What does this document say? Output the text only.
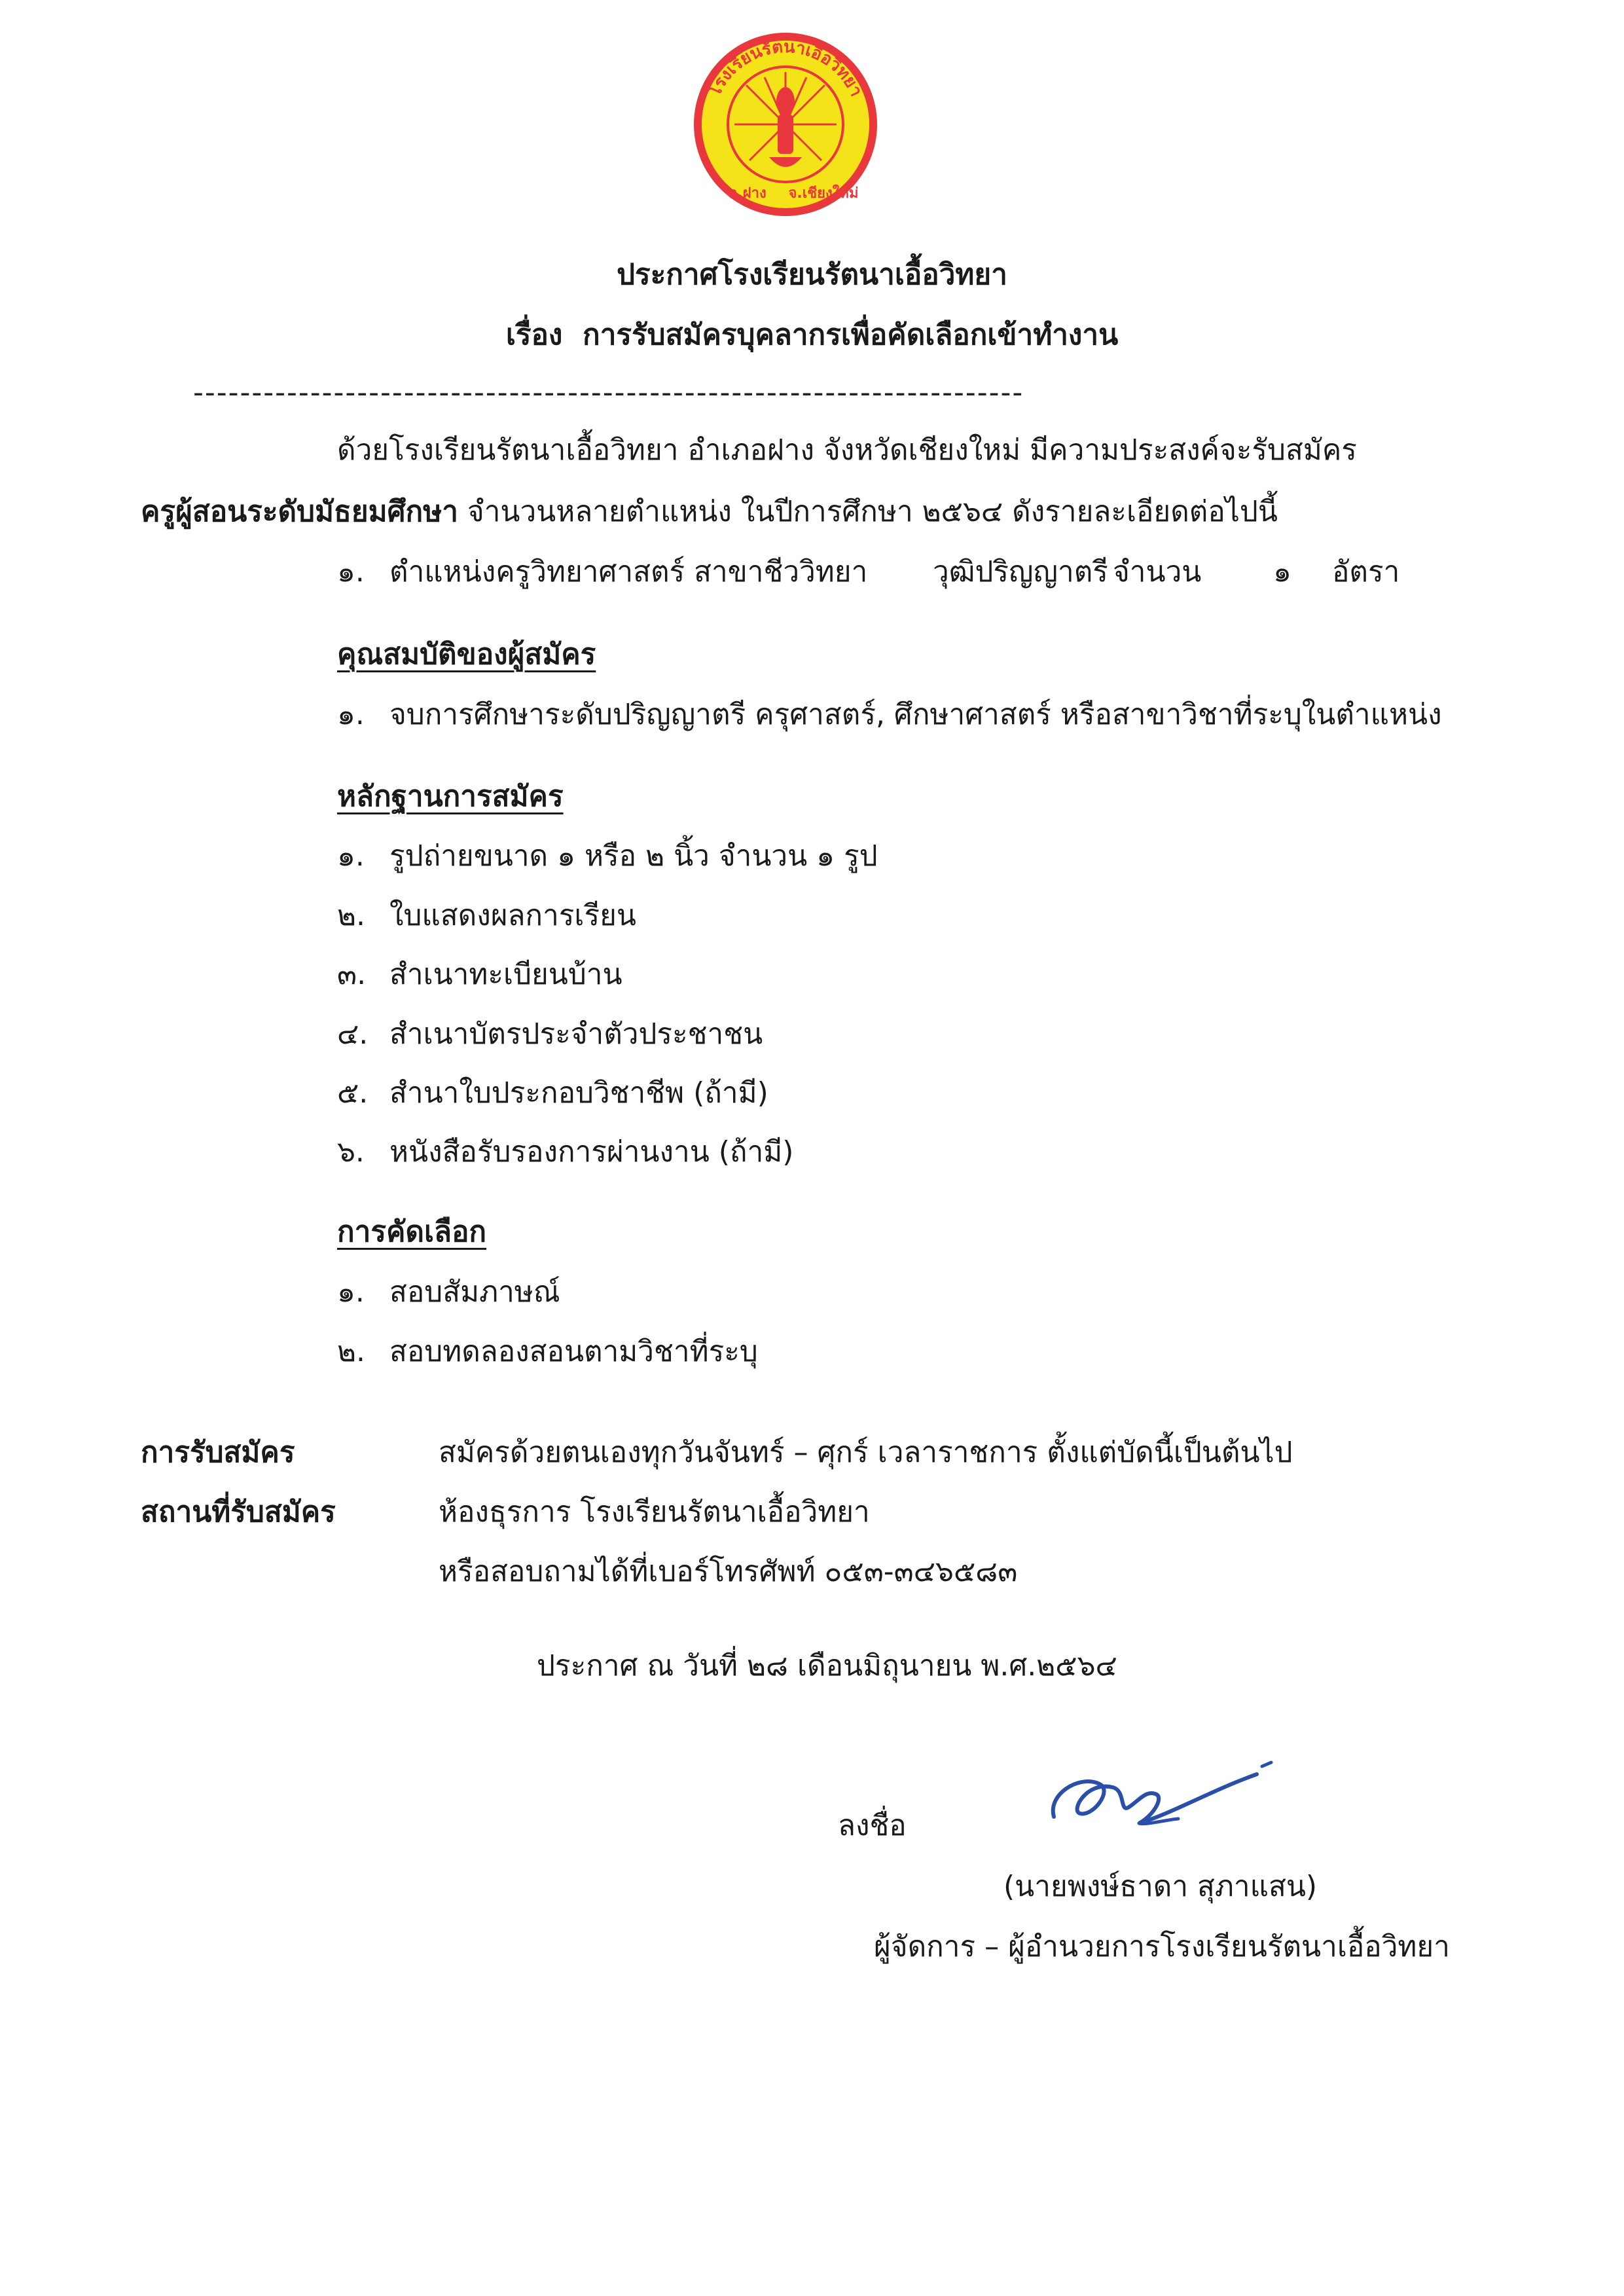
โรงเรียนรัตนาเอื้อวิทยา
อ.ฝาง จ.เชียงใหม่
ประกาศโรงเรียนรัตนาเอื้อวิทยา
เรื่อง การรับสมัครบุคลากรเพื่อคัดเลือกเข้าทำงาน
-----------------------------------------------------------------------
ด้วยโรงเรียนรัตนาเอื้อวิทยา อำเภอฝาง จังหวัดเชียงใหม่ มีความประสงค์จะรับสมัคร
ครูผู้สอนระดับมัธยมศึกษา จำนวนหลายตำแหน่ง ในปีการศึกษา ๒๕๖๔ ดังรายละเอียดต่อไปนี้
๑. ตำแหน่งครูวิทยาศาสตร์ สาขาชีววิทยา วุฒิปริญญาตรี จำนวน ๑ อัตรา
คุณสมบัติของผู้สมัคร
๑. จบการศึกษาระดับปริญญาตรี ครุศาสตร์, ศึกษาศาสตร์ หรือสาขาวิชาที่ระบุในตำแหน่ง
หลักฐานการสมัคร
๑. รูปถ่ายขนาด ๑ หรือ ๒ นิ้ว จำนวน ๑ รูป
๒. ใบแสดงผลการเรียน
๓. สำเนาทะเบียนบ้าน
๔. สำเนาบัตรประจำตัวประชาชน
๕. สำนาใบประกอบวิชาชีพ (ถ้ามี)
๖. หนังสือรับรองการผ่านงาน (ถ้ามี)
การคัดเลือก
๑. สอบสัมภาษณ์
๒. สอบทดลองสอนตามวิชาที่ระบุ
การรับสมัคร	สมัครด้วยตนเองทุกวันจันทร์ – ศุกร์ เวลาราชการ ตั้งแต่บัดนี้เป็นต้นไป
สถานที่รับสมัคร	ห้องธุรการ โรงเรียนรัตนาเอื้อวิทยา
หรือสอบถามได้ที่เบอร์โทรศัพท์ ๐๕๓-๓๔๖๕๘๓
ประกาศ ณ วันที่ ๒๘ เดือนมิถุนายน พ.ศ.๒๕๖๔
ลงชื่อ
(นายพงษ์ธาดา สุภาแสน)
ผู้จัดการ – ผู้อำนวยการโรงเรียนรัตนาเอื้อวิทยา
